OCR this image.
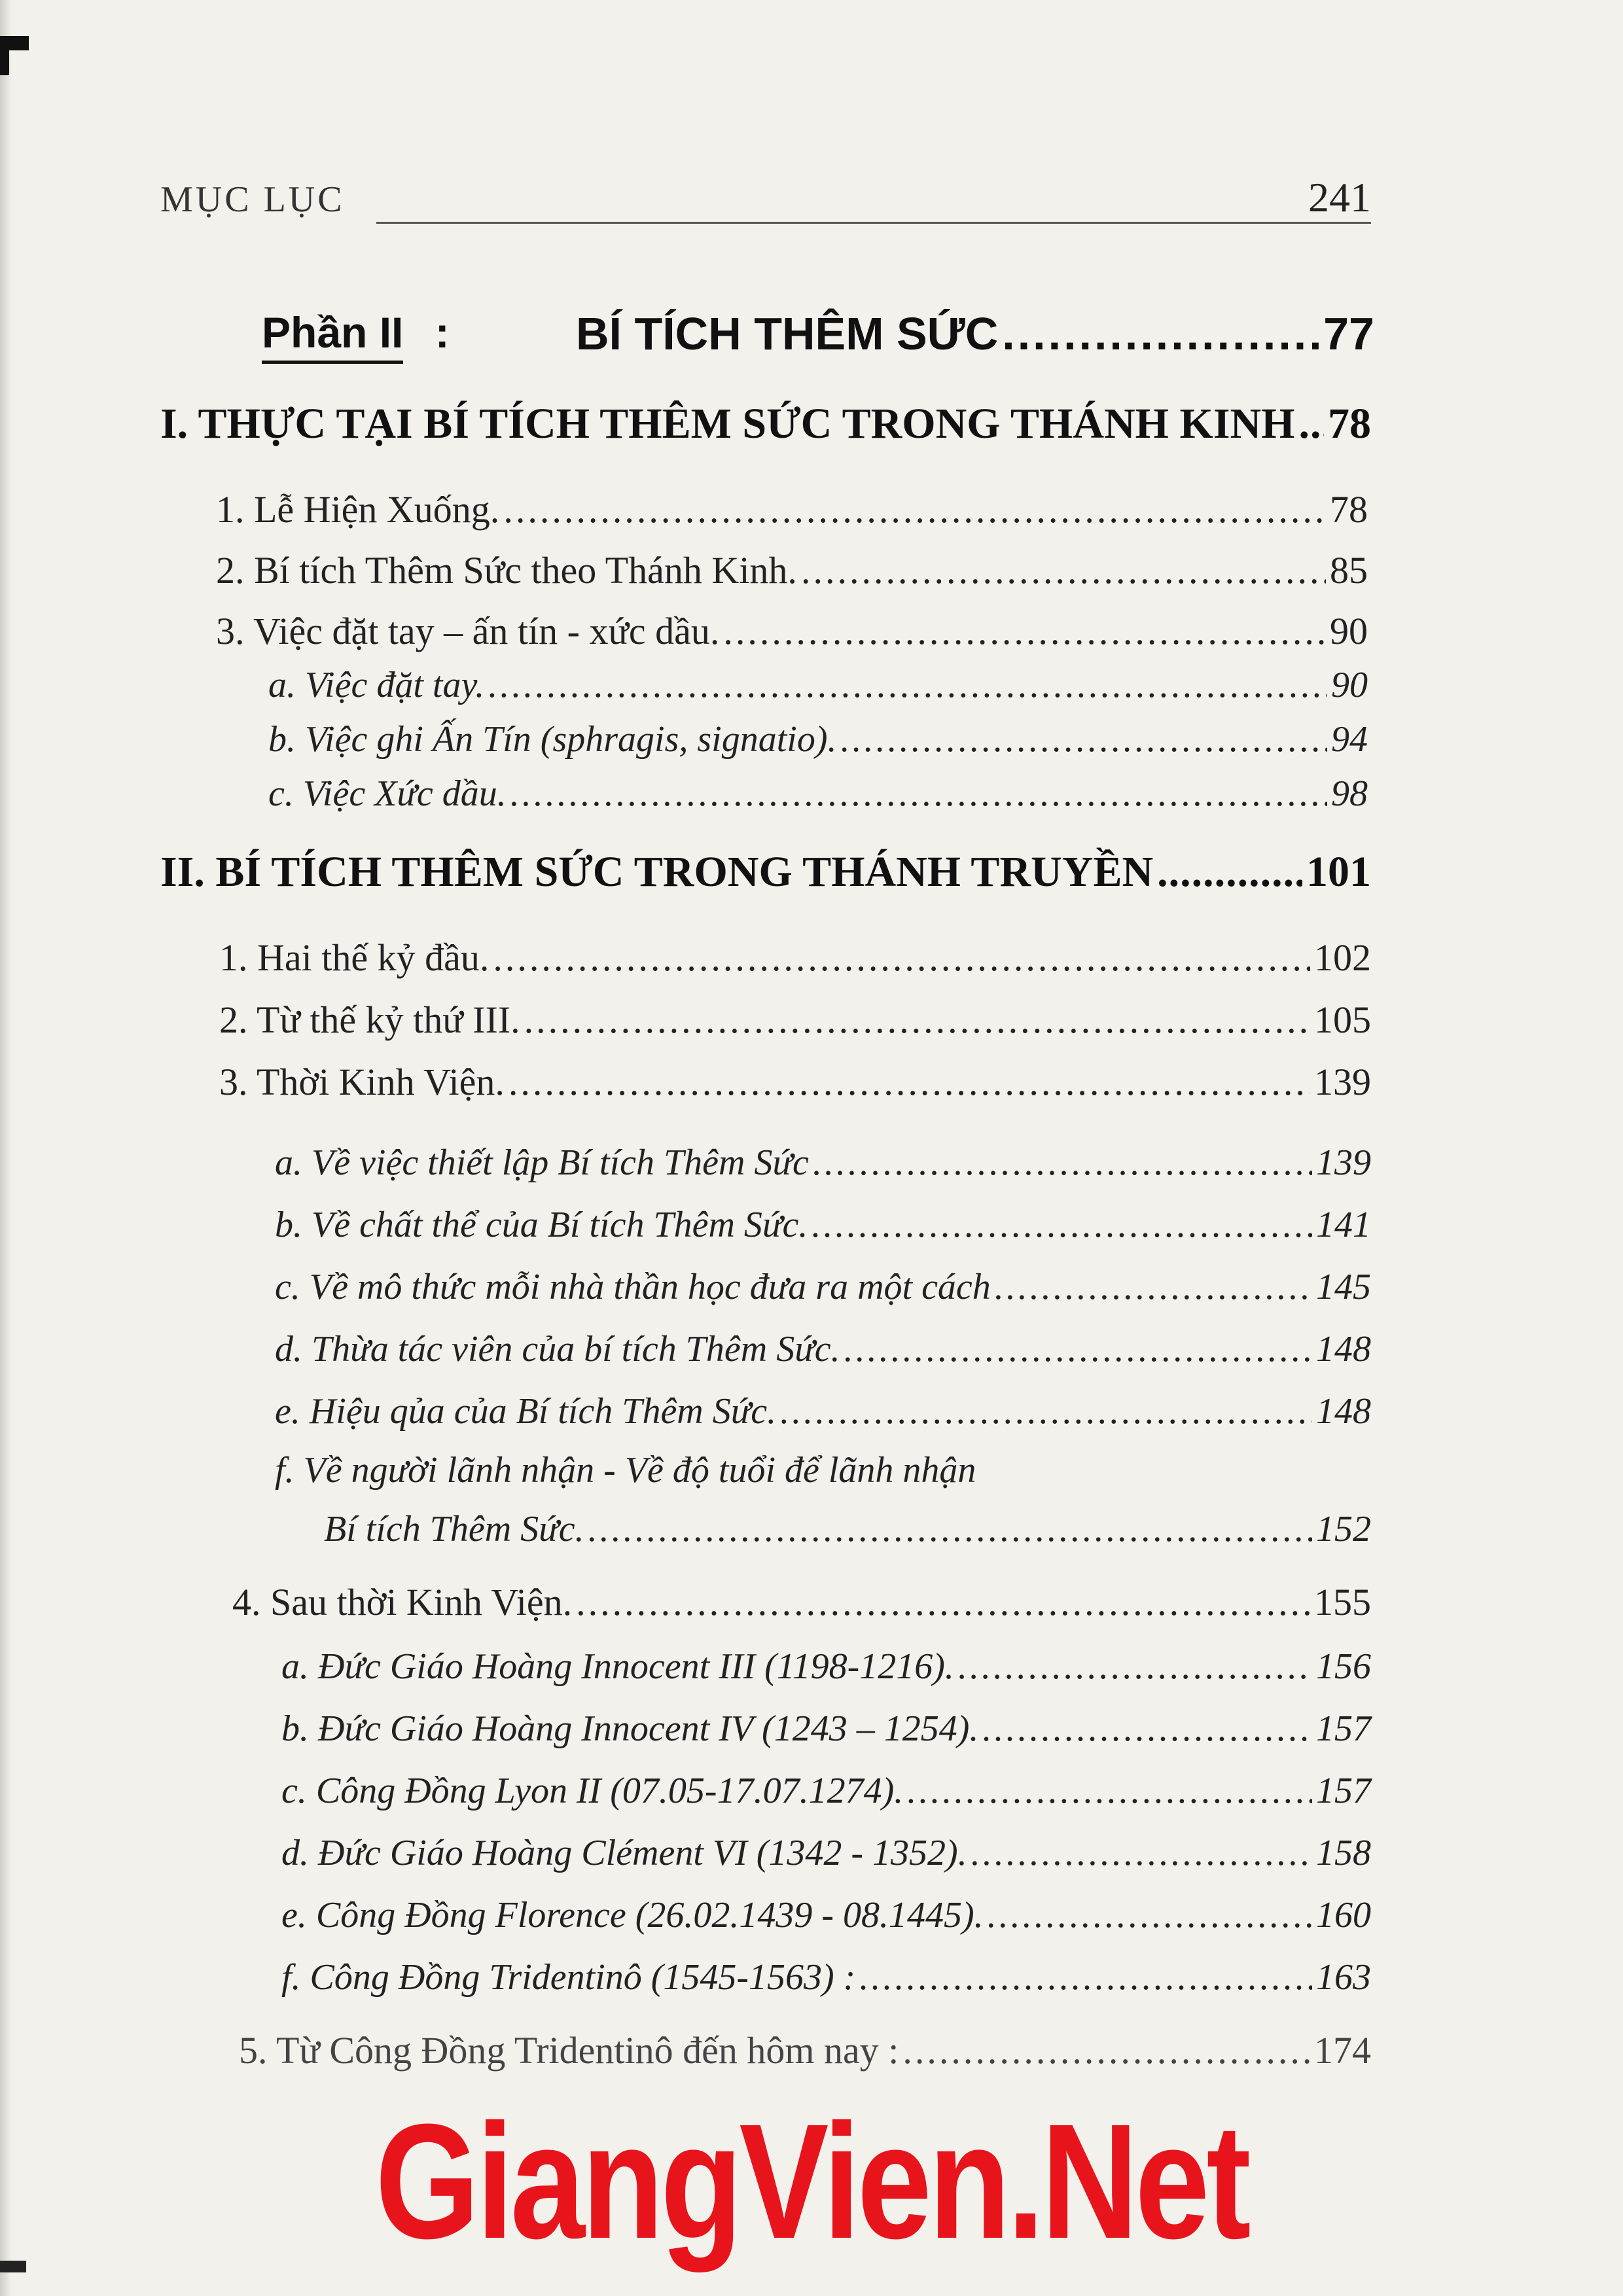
MỤC LỤC	241
Phần II :	BÍ TÍCH THÊM SỨC .....	77
I. THỰC TẠI BÍ TÍCH THÊM SỨC TRONG THÁNH KINH ..... 78
1. Lễ Hiện Xuống. .....	78
2. Bí tích Thêm Sức theo Thánh Kinh. .....	85
3. Việc đặt tay – ấn tín - xức dầu. .....	90
a. Việc đặt tay. .....	90
b. Việc ghi Ấn Tín (sphragis, signatio). .....	94
c. Việc Xức dầu. .....	98
II. BÍ TÍCH THÊM SỨC TRONG THÁNH TRUYỀN .....	101
1. Hai thế kỷ đầu. .....	102
2. Từ thế kỷ thứ III. .....	105
3. Thời Kinh Viện. .....	139
a. Về việc thiết lập Bí tích Thêm Sức .....	139
b. Về chất thể của Bí tích Thêm Sức. .....	141
c. Về mô thức mỗi nhà thần học đưa ra một cách .....	145
d. Thừa tác viên của bí tích Thêm Sức. .....	148
e. Hiệu qủa của Bí tích Thêm Sức. .....	148
f. Về người lãnh nhận - Về độ tuổi để lãnh nhận
Bí tích Thêm Sức. .....	152
4. Sau thời Kinh Viện. .....	155
a. Đức Giáo Hoàng Innocent III (1198-1216). .....	156
b. Đức Giáo Hoàng Innocent IV (1243 – 1254). .....	157
c. Công Đồng Lyon II (07.05-17.07.1274). .....	157
d. Đức Giáo Hoàng Clément VI (1342 - 1352). .....	158
e. Công Đồng Florence (26.02.1439 - 08.1445). .....	160
f. Công Đồng Tridentinô (1545-1563) : .....	163
5. Từ Công Đồng Tridentinô đến hôm nay : .....	174
GiangVien.Net
